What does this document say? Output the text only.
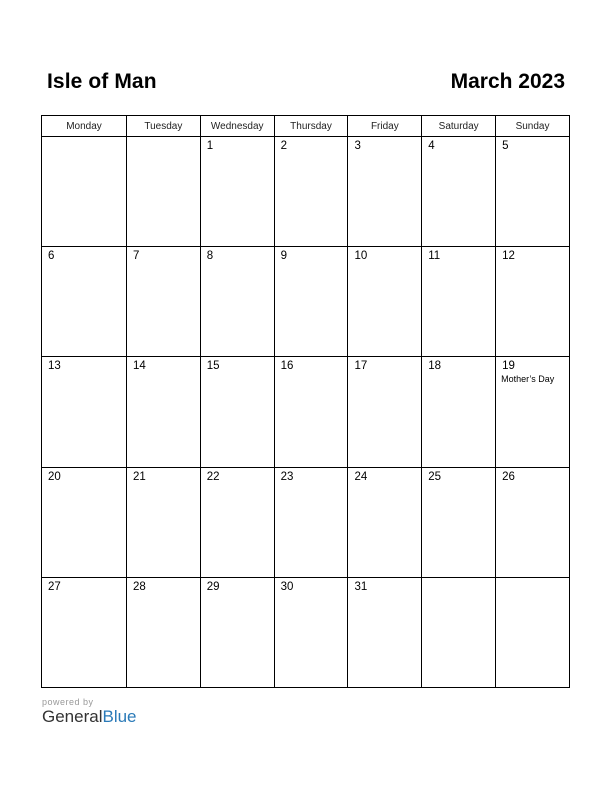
Isle of Man	March 2023
Monday	Tuesday	Wednesday	Thursday	Friday	Saturday	Sunday

		1	2	3	4	5

6	7	8	9	10	11	12

13	14	15	16	17	18	19
Mother’s Day

20	21	22	23	24	25	26

27	28	29	30	31		

powered by
GeneralBlue
